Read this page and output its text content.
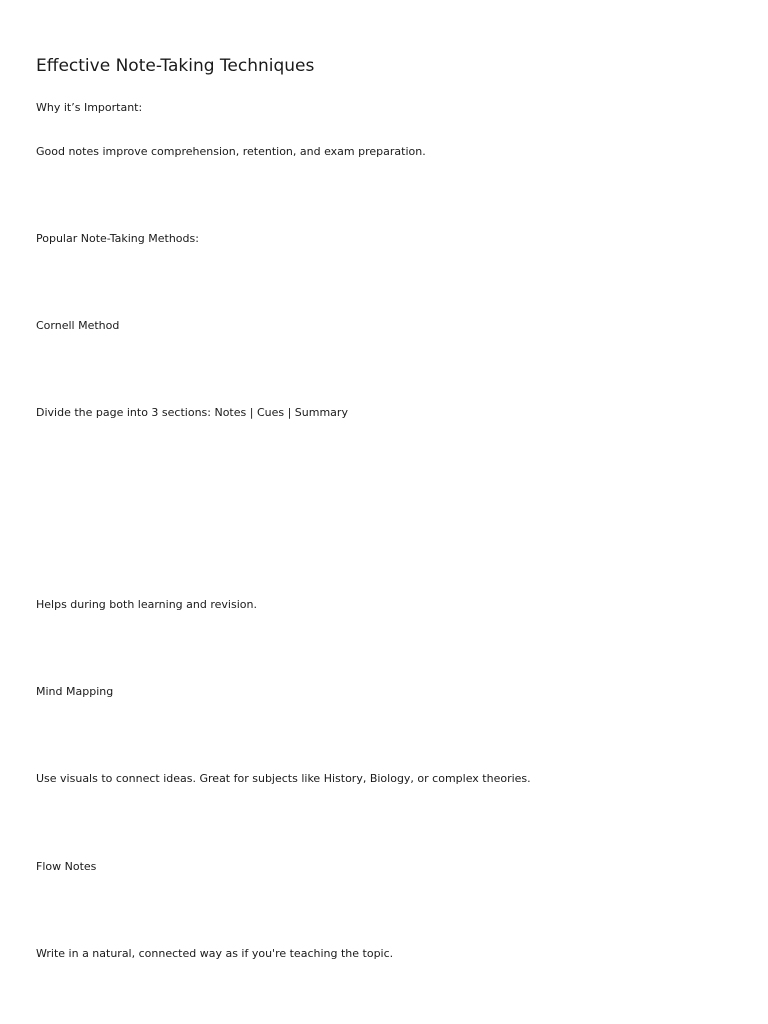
Effective Note-Taking Techniques

Why it’s Important:

Good notes improve comprehension, retention, and exam preparation.

Popular Note-Taking Methods:

Cornell Method

Divide the page into 3 sections: Notes | Cues | Summary

Helps during both learning and revision.

Mind Mapping

Use visuals to connect ideas. Great for subjects like History, Biology, or complex theories.

Flow Notes

Write in a natural, connected way as if you're teaching the topic.
